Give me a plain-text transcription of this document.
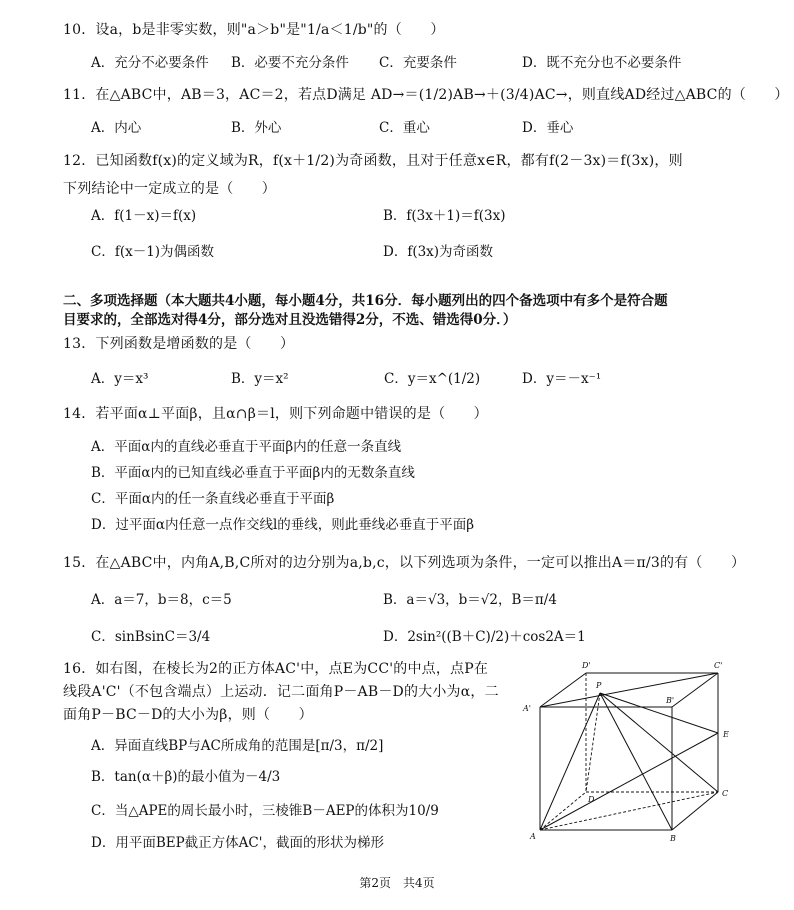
10．设a，b是非零实数，则"a＞b"是"1/a＜1/b"的（　　）
A．充分不必要条件 B．必要不充分条件 C．充要条件	D．既不充分也不必要条件
11．在△ABC中，AB＝3，AC＝2，若点D满足 AD→＝(1/2)AB→＋(3/4)AC→，则直线AD经过△ABC的（　　）
A．内心	B．外心	C．重心	D．垂心
12．已知函数f(x)的定义域为R，f(x＋1/2)为奇函数，且对于任意x∈R，都有f(2－3x)＝f(3x)，则
下列结论中一定成立的是（　　）
A．f(1－x)＝f(x)	B．f(3x＋1)＝f(3x)
C．f(x－1)为偶函数	D．f(3x)为奇函数
二、多项选择题（本大题共4小题，每小题4分，共16分．每小题列出的四个备选项中有多个是符合题
目要求的，全部选对得4分，部分选对且没选错得2分，不选、错选得0分．）
13．下列函数是增函数的是（　　）
A．y＝x³	B．y＝x²	C．y＝x^(1/2)	D．y＝－x⁻¹
14．若平面α⊥平面β，且α∩β＝l，则下列命题中错误的是（　　）
A．平面α内的直线必垂直于平面β内的任意一条直线
B．平面α内的已知直线必垂直于平面β内的无数条直线
C．平面α内的任一条直线必垂直于平面β
D．过平面α内任意一点作交线l的垂线，则此垂线必垂直于平面β
15．在△ABC中，内角A,B,C所对的边分别为a,b,c，以下列选项为条件，一定可以推出A＝π/3的有（　　）
A．a＝7，b＝8，c＝5	B．a＝√3，b＝√2，B＝π/4
C．sinBsinC＝3/4	D．2sin²((B＋C)/2)＋cos2A＝1
16．如右图，在棱长为2的正方体AC'中，点E为CC'的中点，点P在
线段A'C'（不包含端点）上运动．记二面角P－AB－D的大小为α，二
面角P－BC－D的大小为β，则（　　）
A．异面直线BP与AC所成角的范围是[π/3，π/2]
B．tan(α＋β)的最小值为－4/3
C．当△APE的周长最小时，三棱锥B－AEP的体积为10/9
D．用平面BEP截正方体AC'，截面的形状为梯形
D'	C'
P
A'
B'
E
D
C
A	B
第2页　共4页
